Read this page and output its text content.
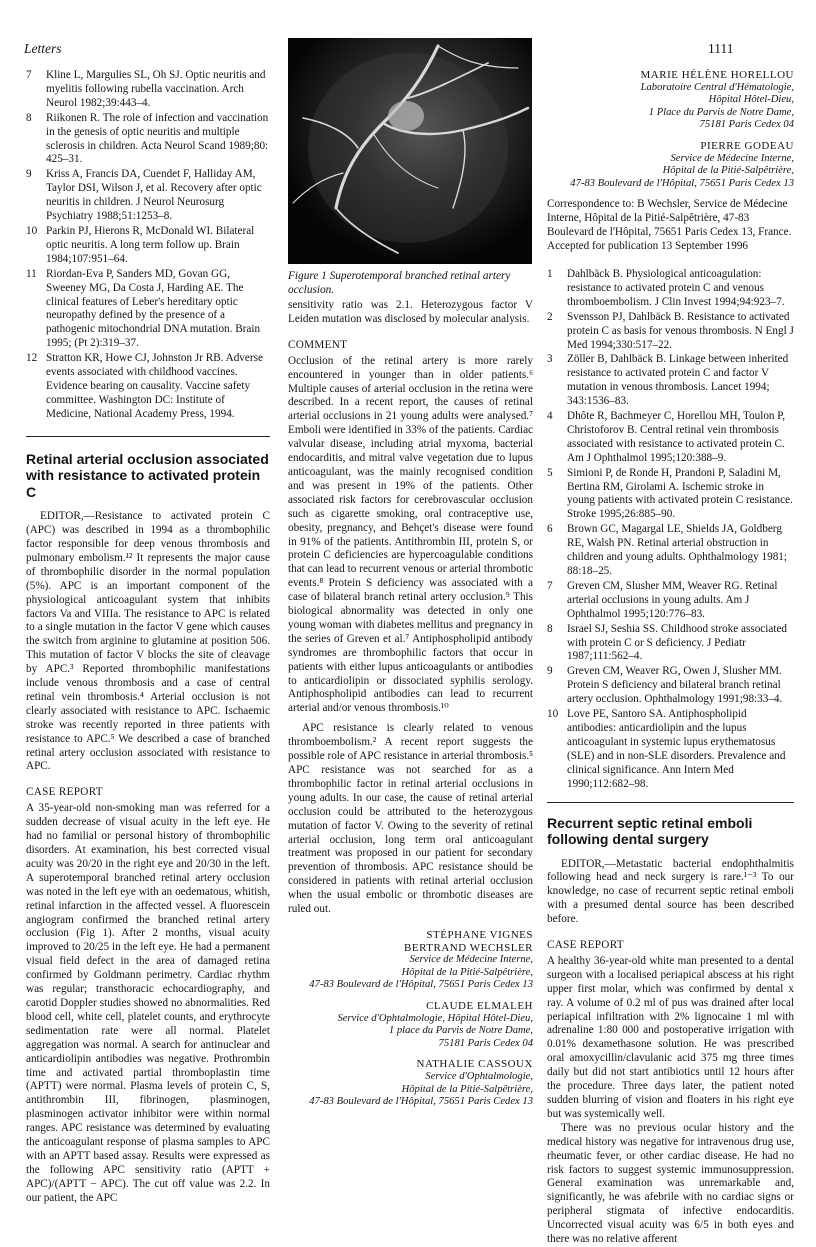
Letters	1111
7 Kline L, Margulies SL, Oh SJ. Optic neuritis and myelitis following rubella vaccination. Arch Neurol 1982;39:443–4.
8 Riikonen R. The role of infection and vaccination in the genesis of optic neuritis and multiple sclerosis in children. Acta Neurol Scand 1989;80: 425–31.
9 Kriss A, Francis DA, Cuendet F, Halliday AM, Taylor DSI, Wilson J, et al. Recovery after optic neuritis in children. J Neurol Neurosurg Psychiatry 1988;51:1253–8.
10 Parkin PJ, Hierons R, McDonald WI. Bilateral optic neuritis. A long term follow up. Brain 1984;107:951–64.
11 Riordan-Eva P, Sanders MD, Govan GG, Sweeney MG, Da Costa J, Harding AE. The clinical features of Leber's hereditary optic neuropathy defined by the presence of a pathogenic mitochondrial DNA mutation. Brain 1995; (Pt 2):319–37.
12 Stratton KR, Howe CJ, Johnston Jr RB. Adverse events associated with childhood vaccines. Evidence bearing on causality. Vaccine safety committee. Washington DC: Institute of Medicine, National Academy Press, 1994.
Retinal arterial occlusion associated with resistance to activated protein C

EDITOR,—Resistance to activated protein C (APC) was described in 1994 as a thrombophilic factor responsible for deep venous thrombosis and pulmonary embolism.¹² It represents the major cause of thrombophilic disorder in the normal population (5%). APC is an important component of the physiological anticoagulant system that inhibits factors Va and VIIIa. The resistance to APC is related to a single mutation in the factor V gene which causes the switch from arginine to glutamine at position 506. This mutation of factor V blocks the site of cleavage by APC.³ Reported thrombophilic manifestations include venous thrombosis and a case of central retinal vein thrombosis.⁴ Arterial occlusion is not clearly associated with resistance to APC. Ischaemic stroke was recently reported in three patients with resistance to APC.⁵ We described a case of branched retinal artery occlusion associated with resistance to APC.

CASE REPORT

A 35-year-old non-smoking man was referred for a sudden decrease of visual acuity in the left eye. He had no familial or personal history of thrombophilic disorders. At examination, his best corrected visual acuity was 20/20 in the right eye and 20/30 in the left. A superotemporal branched retinal artery occlusion was noted in the left eye with an oedematous, whitish, retinal infarction in the affected vessel. A fluorescein angiogram confirmed the branched retinal artery occlusion (Fig 1). After 2 months, visual acuity improved to 20/25 in the left eye. He had a permanent visual field defect in the area of damaged retina confirmed by Goldmann perimetry. Cardiac rhythm was regular; transthoracic echocardiography, and carotid Doppler studies showed no abnormalities. Red blood cell, white cell, platelet counts, and erythrocyte sedimentation rate were all normal. Platelet aggregation was normal. A search for antinuclear and anticardiolipin antibodies was negative. Prothrombin time and activated partial thromboplastin time (APTT) were normal. Plasma levels of protein C, S, antithrombin III, fibrinogen, plasminogen, plasminogen activator inhibitor were within normal ranges. APC resistance was determined by evaluating the anticoagulant response of plasma samples to APC with an APTT based assay. Results were expressed as the following APC sensitivity ratio (APTT + APC)/(APTT − APC). The cut off value was 2.2. In our patient, the APC

Figure 1 Superotemporal branched retinal artery occlusion.

sensitivity ratio was 2.1. Heterozygous factor V Leiden mutation was disclosed by molecular analysis.

COMMENT

Occlusion of the retinal artery is more rarely encountered in younger than in older patients.⁶ Multiple causes of arterial occlusion in the retina were described. In a recent report, the causes of retinal arterial occlusions in 21 young adults were analysed.⁷ Emboli were identified in 33% of the patients. Cardiac valvular disease, including atrial myxoma, bacterial endocarditis, and mitral valve vegetation due to lupus anticoagulant, was the mainly recognised condition and was present in 19% of the patients. Other associated risk factors for cerebrovascular occlusion such as cigarette smoking, oral contraceptive use, obesity, pregnancy, and Behçet's disease were found in 91% of the patients. Antithrombin III, protein S, or protein C deficiencies are hypercoagulable conditions that can lead to recurrent venous or arterial thrombotic events.⁸ Protein S deficiency was associated with a case of bilateral branch retinal artery occlusion.⁹ This biological abnormality was detected in only one young woman with diabetes mellitus and pregnancy in the series of Greven et al.⁷ Antiphospholipid antibody syndromes are thrombophilic factors that occur in patients with either lupus anticoagulants or antibodies to anticardiolipin or dissociated syphilis serology. Antiphospholipid antibodies can lead to recurrent arterial and/or venous thrombosis.¹⁰

APC resistance is clearly related to venous thromboembolism.² A recent report suggests the possible role of APC resistance in arterial thrombosis.⁵ APC resistance was not searched for as a thrombophilic factor in retinal arterial occlusions in young adults. In our case, the cause of retinal arterial occlusion could be attributed to the heterozygous mutation of factor V. Owing to the severity of retinal arterial occlusion, long term oral anticoagulant treatment was proposed in our patient for secondary prevention of thrombosis. APC resistance should be considered in patients with retinal arterial occlusion when the usual embolic or thrombotic diseases are ruled out.

STÉPHANE VIGNES
BERTRAND WECHSLER
Service de Médecine Interne,
Hôpital de la Pitié-Salpêtrière,
47-83 Boulevard de l'Hôpital, 75651 Paris Cedex 13
CLAUDE ELMALEH
Service d'Ophtalmologie, Hôpital Hôtel-Dieu,
1 place du Parvis de Notre Dame,
75181 Paris Cedex 04
NATHALIE CASSOUX
Service d'Ophtalmologie,
Hôpital de la Pitié-Salpêtrière,
47-83 Boulevard de l'Hôpital, 75651 Paris Cedex 13
MARIE HÉLÈNE HORELLOU
Laboratoire Central d'Hématologie,
Hôpital Hôtel-Dieu,
1 Place du Parvis de Notre Dame,
75181 Paris Cedex 04
PIERRE GODEAU
Service de Médecine Interne,
Hôpital de la Pitié-Salpêtrière,
47-83 Boulevard de l'Hôpital, 75651 Paris Cedex 13

Correspondence to: B Wechsler, Service de Médecine Interne, Hôpital de la Pitié-Salpêtrière, 47-83 Boulevard de l'Hôpital, 75651 Paris Cedex 13, France.

Accepted for publication 13 September 1996

1 Dahlbäck B. Physiological anticoagulation: resistance to activated protein C and venous thromboembolism. J Clin Invest 1994;94:923–7.
2 Svensson PJ, Dahlbäck B. Resistance to activated protein C as basis for venous thrombosis. N Engl J Med 1994;330:517–22.
3 Zöller B, Dahlbäck B. Linkage between inherited resistance to activated protein C and factor V mutation in venous thrombosis. Lancet 1994; 343:1536–83.
4 Dhôte R, Bachmeyer C, Horellou MH, Toulon P, Christoforov B. Central retinal vein thrombosis associated with resistance to activated protein C. Am J Ophthalmol 1995;120:388–9.
5 Simioni P, de Ronde H, Prandoni P, Saladini M, Bertina RM, Girolami A. Ischemic stroke in young patients with activated protein C resistance. Stroke 1995;26:885–90.
6 Brown GC, Magargal LE, Shields JA, Goldberg RE, Walsh PN. Retinal arterial obstruction in children and young adults. Ophthalmology 1981; 88:18–25.
7 Greven CM, Slusher MM, Weaver RG. Retinal arterial occlusions in young adults. Am J Ophthalmol 1995;120:776–83.
8 Israel SJ, Seshia SS. Childhood stroke associated with protein C or S deficiency. J Pediatr 1987;111:562–4.
9 Greven CM, Weaver RG, Owen J, Slusher MM. Protein S deficiency and bilateral branch retinal artery occlusion. Ophthalmology 1991;98:33–4.
10 Love PE, Santoro SA. Antiphospholipid antibodies: anticardiolipin and the lupus anticoagulant in systemic lupus erythematosus (SLE) and in non-SLE disorders. Prevalence and clinical significance. Ann Intern Med 1990;112:682–98.
Recurrent septic retinal emboli following dental surgery

EDITOR,—Metastatic bacterial endophthalmitis following head and neck surgery is rare.¹⁻³ To our knowledge, no case of recurrent septic retinal emboli with a presumed dental source has been described before.

CASE REPORT

A healthy 36-year-old white man presented to a dental surgeon with a localised periapical abscess at his right upper first molar, which was confirmed by dental x ray. A volume of 0.2 ml of pus was drained after local periapical infiltration with 2% lignocaine 1 ml with adrenaline 1:80 000 and postoperative irrigation with 0.01% dexamethasone solution. He was prescribed oral amoxycillin/clavulanic acid 375 mg three times daily but did not start antibiotics until 12 hours after the procedure. Three days later, the patient noted sudden blurring of vision and floaters in his right eye but was systemically well.

There was no previous ocular history and the medical history was negative for intravenous drug use, rheumatic fever, or other cardiac disease. He had no risk factors to suggest systemic immunosuppression. General examination was unremarkable and, significantly, he was afebrile with no cardiac signs or peripheral stigmata of infective endocarditis. Uncorrected visual acuity was 6/5 in both eyes and there was no relative afferent
